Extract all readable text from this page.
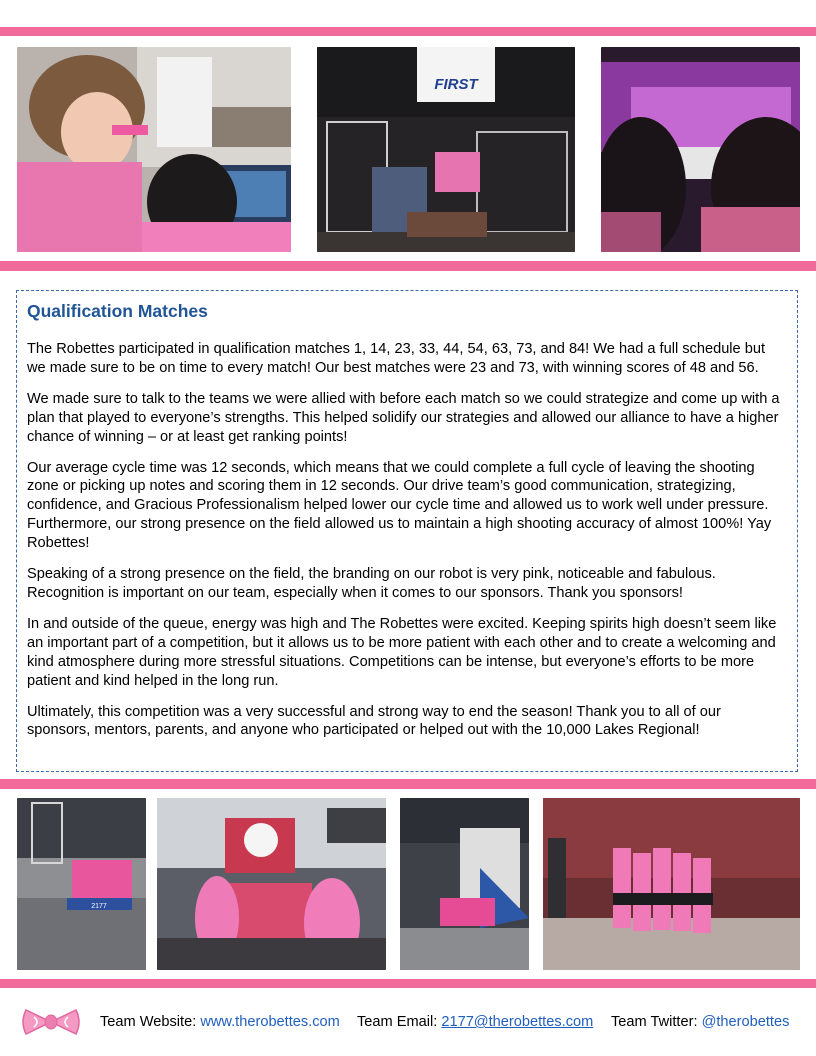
FIRST
Qualification Matches

The Robettes participated in qualification matches 1, 14, 23, 33, 44, 54, 63, 73, and 84! We had a full schedule but we made sure to be on time to every match! Our best matches were 23 and 73, with winning scores of 48 and 56.

We made sure to talk to the teams we were allied with before each match so we could strategize and come up with a plan that played to everyone’s strengths. This helped solidify our strategies and allowed our alliance to have a higher chance of winning – or at least get ranking points!

Our average cycle time was 12 seconds, which means that we could complete a full cycle of leaving the shooting zone or picking up notes and scoring them in 12 seconds. Our drive team’s good communication, strategizing, confidence, and Gracious Professionalism helped lower our cycle time and allowed us to work well under pressure. Furthermore, our strong presence on the field allowed us to maintain a high shooting accuracy of almost 100%! Yay Robettes!

Speaking of a strong presence on the field, the branding on our robot is very pink, noticeable and fabulous. Recognition is important on our team, especially when it comes to our sponsors. Thank you sponsors!

In and outside of the queue, energy was high and The Robettes were excited. Keeping spirits high doesn’t seem like an important part of a competition, but it allows us to be more patient with each other and to create a welcoming and kind atmosphere during more stressful situations. Competitions can be intense, but everyone’s efforts to be more patient and kind helped in the long run.

Ultimately, this competition was a very successful and strong way to end the season! Thank you to all of our sponsors, mentors, parents, and anyone who participated or helped out with the 10,000 Lakes Regional!

2177
Team Website: www.therobettes.com Team Email: 2177@therobettes.com Team Twitter: @therobettes
